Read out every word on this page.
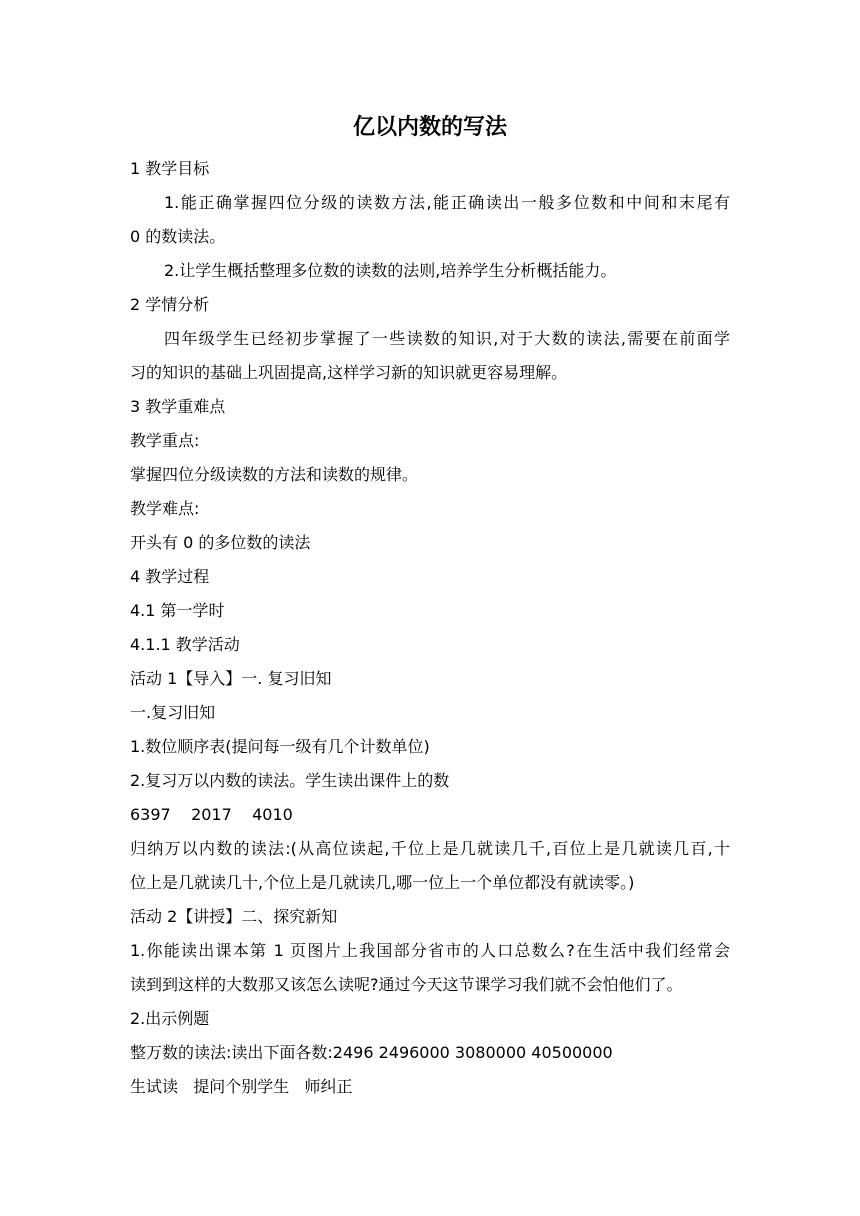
亿以内数的写法
1 教学目标
1.能正确掌握四位分级的读数方法,能正确读出一般多位数和中间和末尾有
0 的数读法。
2.让学生概括整理多位数的读数的法则,培养学生分析概括能力。
2 学情分析
四年级学生已经初步掌握了一些读数的知识,对于大数的读法,需要在前面学
习的知识的基础上巩固提高,这样学习新的知识就更容易理解。
3 教学重难点
教学重点:
掌握四位分级读数的方法和读数的规律。
教学难点:
开头有 0 的多位数的读法
4 教学过程
4.1 第一学时
4.1.1 教学活动
活动 1【导入】一. 复习旧知
一.复习旧知
1.数位顺序表(提问每一级有几个计数单位)
2.复习万以内数的读法。学生读出课件上的数
6397    2017    4010
归纳万以内数的读法:(从高位读起,千位上是几就读几千,百位上是几就读几百,十
位上是几就读几十,个位上是几就读几,哪一位上一个单位都没有就读零。)
活动 2【讲授】二、探究新知
1.你能读出课本第 1 页图片上我国部分省市的人口总数么?在生活中我们经常会
读到到这样的大数那又该怎么读呢?通过今天这节课学习我们就不会怕他们了。
2.出示例题
整万数的读法:读出下面各数:2496 2496000 3080000 40500000
生试读   提问个别学生   师纠正
